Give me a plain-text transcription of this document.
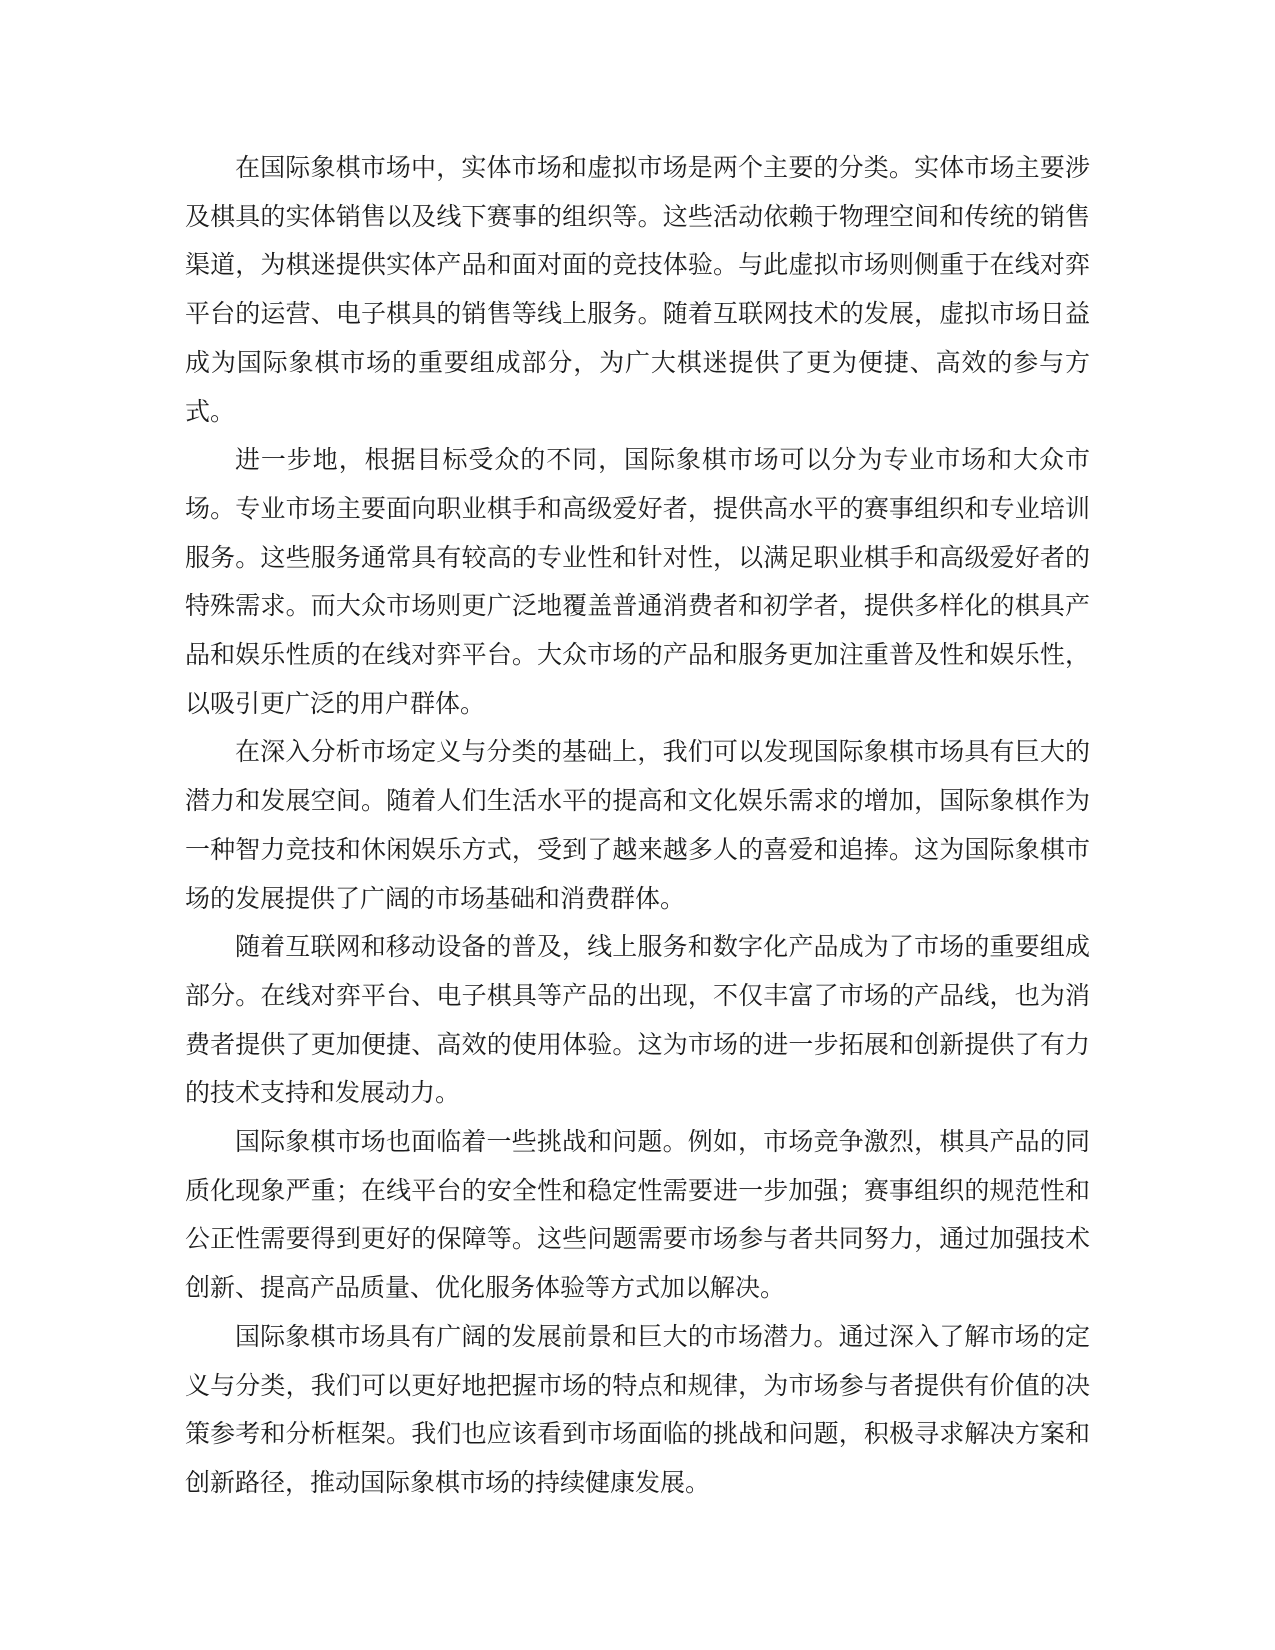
在国际象棋市场中，实体市场和虚拟市场是两个主要的分类。实体市场主要涉及棋具的实体销售以及线下赛事的组织等。这些活动依赖于物理空间和传统的销售渠道，为棋迷提供实体产品和面对面的竞技体验。与此虚拟市场则侧重于在线对弈平台的运营、电子棋具的销售等线上服务。随着互联网技术的发展，虚拟市场日益成为国际象棋市场的重要组成部分，为广大棋迷提供了更为便捷、高效的参与方式。

进一步地，根据目标受众的不同，国际象棋市场可以分为专业市场和大众市场。专业市场主要面向职业棋手和高级爱好者，提供高水平的赛事组织和专业培训服务。这些服务通常具有较高的专业性和针对性，以满足职业棋手和高级爱好者的特殊需求。而大众市场则更广泛地覆盖普通消费者和初学者，提供多样化的棋具产品和娱乐性质的在线对弈平台。大众市场的产品和服务更加注重普及性和娱乐性，以吸引更广泛的用户群体。

在深入分析市场定义与分类的基础上，我们可以发现国际象棋市场具有巨大的潜力和发展空间。随着人们生活水平的提高和文化娱乐需求的增加，国际象棋作为一种智力竞技和休闲娱乐方式，受到了越来越多人的喜爱和追捧。这为国际象棋市场的发展提供了广阔的市场基础和消费群体。

随着互联网和移动设备的普及，线上服务和数字化产品成为了市场的重要组成部分。在线对弈平台、电子棋具等产品的出现，不仅丰富了市场的产品线，也为消费者提供了更加便捷、高效的使用体验。这为市场的进一步拓展和创新提供了有力的技术支持和发展动力。

国际象棋市场也面临着一些挑战和问题。例如，市场竞争激烈，棋具产品的同质化现象严重；在线平台的安全性和稳定性需要进一步加强；赛事组织的规范性和公正性需要得到更好的保障等。这些问题需要市场参与者共同努力，通过加强技术创新、提高产品质量、优化服务体验等方式加以解决。

国际象棋市场具有广阔的发展前景和巨大的市场潜力。通过深入了解市场的定义与分类，我们可以更好地把握市场的特点和规律，为市场参与者提供有价值的决策参考和分析框架。我们也应该看到市场面临的挑战和问题，积极寻求解决方案和创新路径，推动国际象棋市场的持续健康发展。
